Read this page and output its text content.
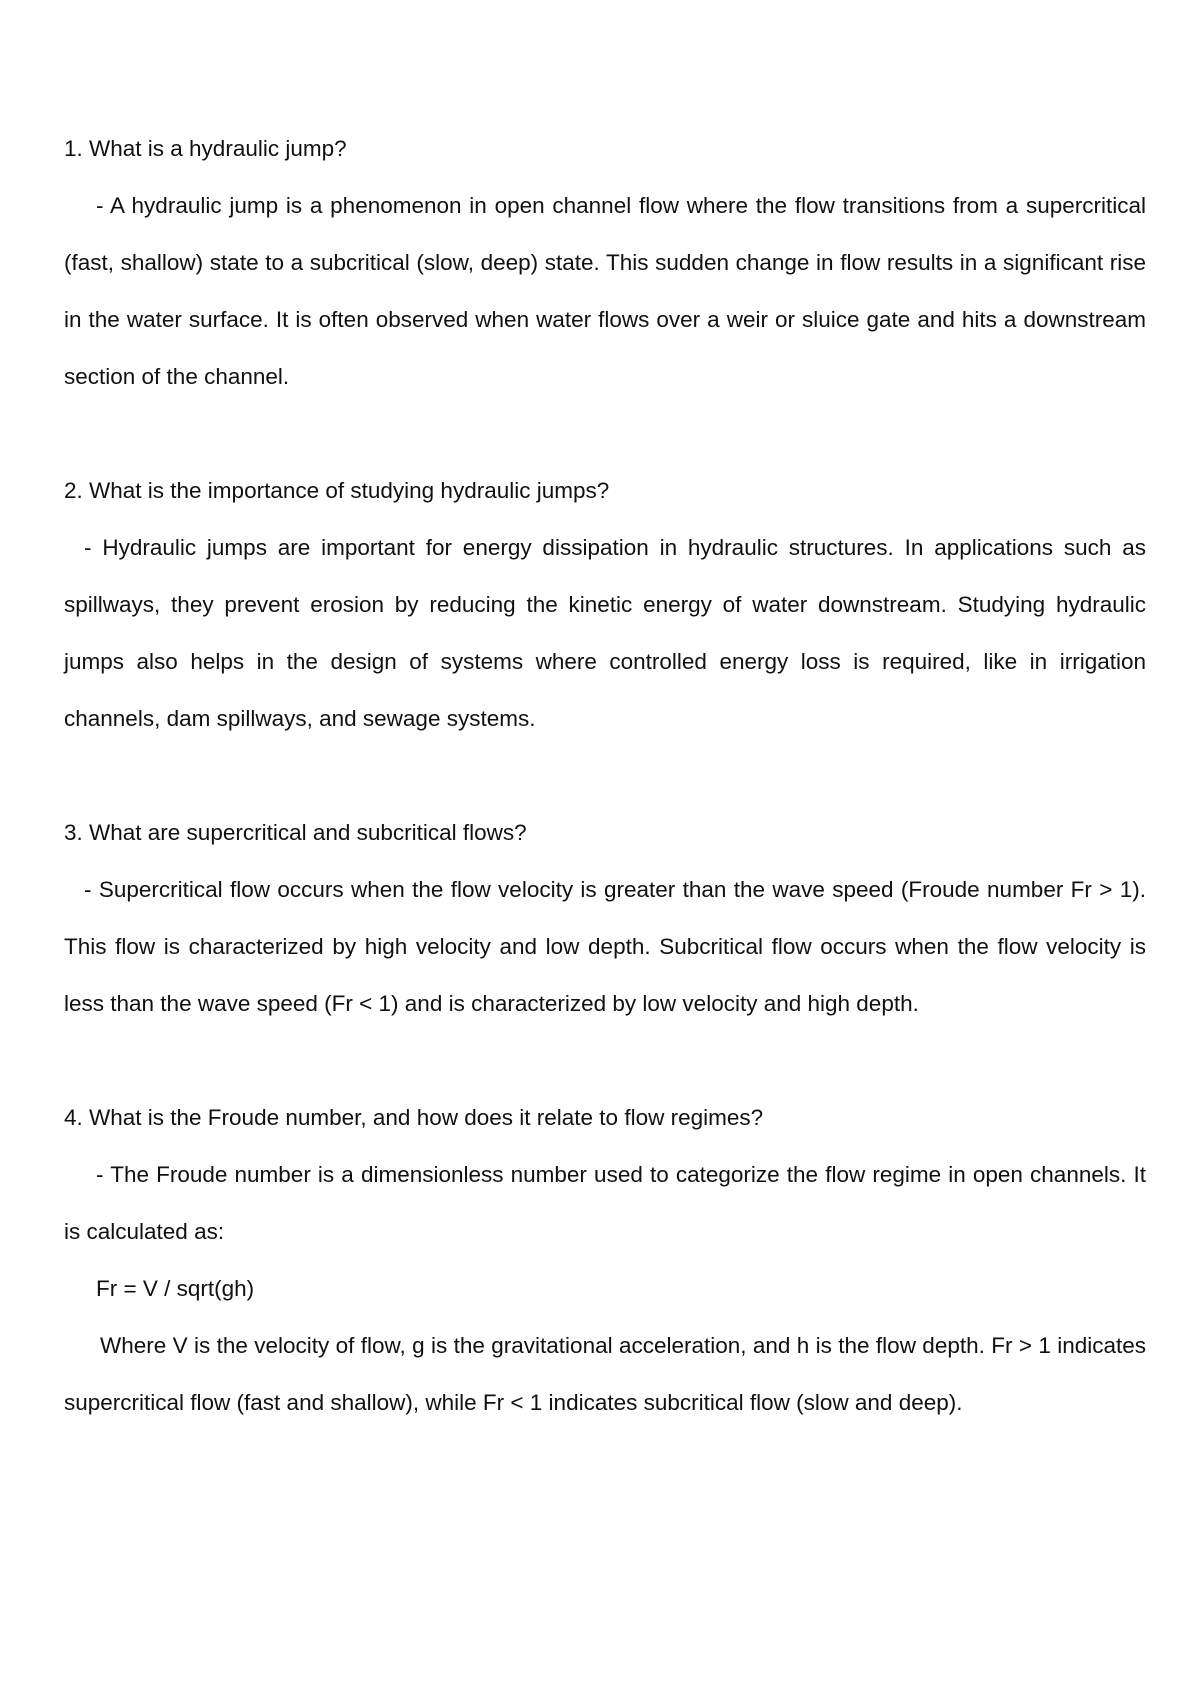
1. What is a hydraulic jump?

- A hydraulic jump is a phenomenon in open channel flow where the flow transitions from a supercritical (fast, shallow) state to a subcritical (slow, deep) state. This sudden change in flow results in a significant rise in the water surface. It is often observed when water flows over a weir or sluice gate and hits a downstream section of the channel.

2. What is the importance of studying hydraulic jumps?

- Hydraulic jumps are important for energy dissipation in hydraulic structures. In applications such as spillways, they prevent erosion by reducing the kinetic energy of water downstream. Studying hydraulic jumps also helps in the design of systems where controlled energy loss is required, like in irrigation channels, dam spillways, and sewage systems.

3. What are supercritical and subcritical flows?

- Supercritical flow occurs when the flow velocity is greater than the wave speed (Froude number Fr > 1). This flow is characterized by high velocity and low depth. Subcritical flow occurs when the flow velocity is less than the wave speed (Fr < 1) and is characterized by low velocity and high depth.

4. What is the Froude number, and how does it relate to flow regimes?

- The Froude number is a dimensionless number used to categorize the flow regime in open channels. It is calculated as:

Fr = V / sqrt(gh)

Where V is the velocity of flow, g is the gravitational acceleration, and h is the flow depth. Fr > 1 indicates supercritical flow (fast and shallow), while Fr < 1 indicates subcritical flow (slow and deep).
